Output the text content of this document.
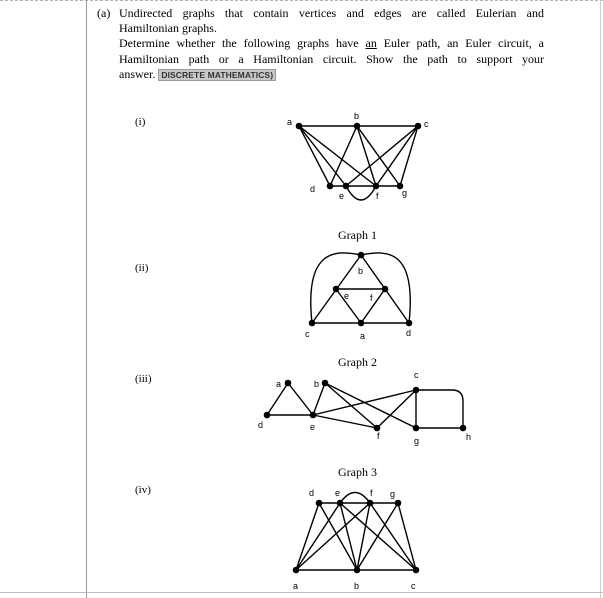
(a) Undirected graphs that contain vertices and edges are called Eulerian and
Hamiltonian graphs.
Determine whether the following graphs have an Euler path, an Euler circuit, a
Hamiltonian path or a Hamiltonian circuit. Show the path to support your
answer. DISCRETE MATHEMATICS)
(i)
(ii)
(iii)
(iv)
Graph 1
Graph 2
Graph 3
a
b
c
d
e	f	g
b
e f
c	a	d
a	b
c
d	e
f	g	h
d e	f g
a	b	c
